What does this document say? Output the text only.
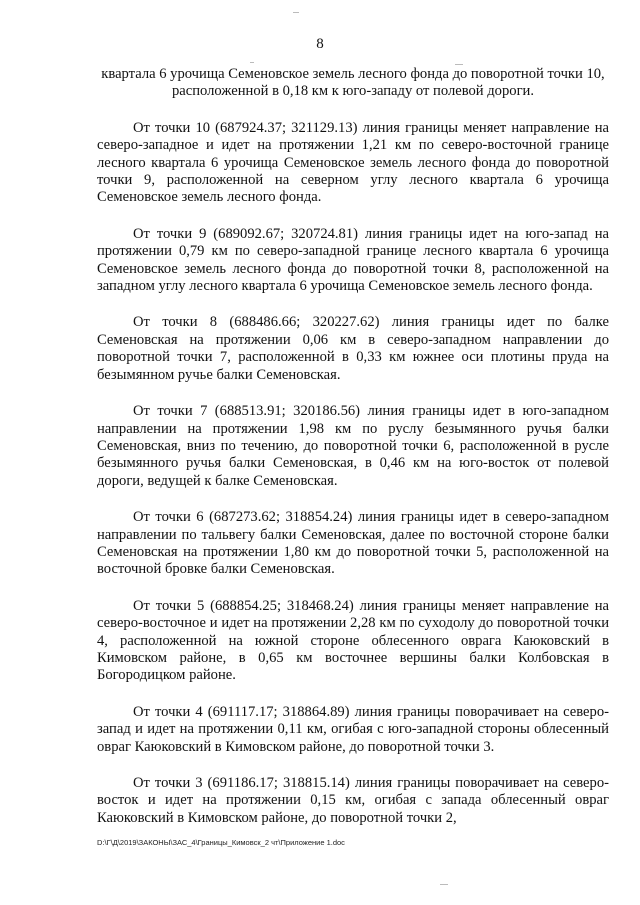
8

квартала 6 урочища Семеновское земель лесного фонда до поворотной точки 10, расположенной в 0,18 км к юго-западу от полевой дороги.

От точки 10 (687924.37; 321129.13) линия границы меняет направление на северо-западное и идет на протяжении 1,21 км по северо-восточной границе лесного квартала 6 урочища Семеновское земель лесного фонда до поворотной точки 9, расположенной на северном углу лесного квартала 6 урочища Семеновское земель лесного фонда.

От точки 9 (689092.67; 320724.81) линия границы идет на юго-запад на протяжении 0,79 км по северо-западной границе лесного квартала 6 урочища Семеновское земель лесного фонда до поворотной точки 8, расположенной на западном углу лесного квартала 6 урочища Семеновское земель лесного фонда.

От точки 8 (688486.66; 320227.62) линия границы идет по балке Семеновская на протяжении 0,06 км в северо-западном направлении до поворотной точки 7, расположенной в 0,33 км южнее оси плотины пруда на безымянном ручье балки Семеновская.

От точки 7 (688513.91; 320186.56) линия границы идет в юго-западном направлении на протяжении 1,98 км по руслу безымянного ручья балки Семеновская, вниз по течению, до поворотной точки 6, расположенной в русле безымянного ручья балки Семеновская, в 0,46 км на юго-восток от полевой дороги, ведущей к балке Семеновская.

От точки 6 (687273.62; 318854.24) линия границы идет в северо-западном направлении по тальвегу балки Семеновская, далее по восточной стороне балки Семеновская на протяжении 1,80 км до поворотной точки 5, расположенной на восточной бровке балки Семеновская.

От точки 5 (688854.25; 318468.24) линия границы меняет направление на северо-восточное и идет на протяжении 2,28 км по суходолу до поворотной точки 4, расположенной на южной стороне облесенного оврага Каюковский в Кимовском районе, в 0,65 км восточнее вершины балки Колбовская в Богородицком районе.

От точки 4 (691117.17; 318864.89) линия границы поворачивает на северо-запад и идет на протяжении 0,11 км, огибая с юго-западной стороны облесенный овраг Каюковский в Кимовском районе, до поворотной точки 3.

От точки 3 (691186.17; 318815.14) линия границы поворачивает на северо-восток и идет на протяжении 0,15 км, огибая с запада облесенный овраг Каюковский в Кимовском районе, до поворотной точки 2,

D:\Г\Д\2019\ЗАКОНЫ\ЗАС_4\Границы_Кимовск_2 чт\Приложение 1.doc
